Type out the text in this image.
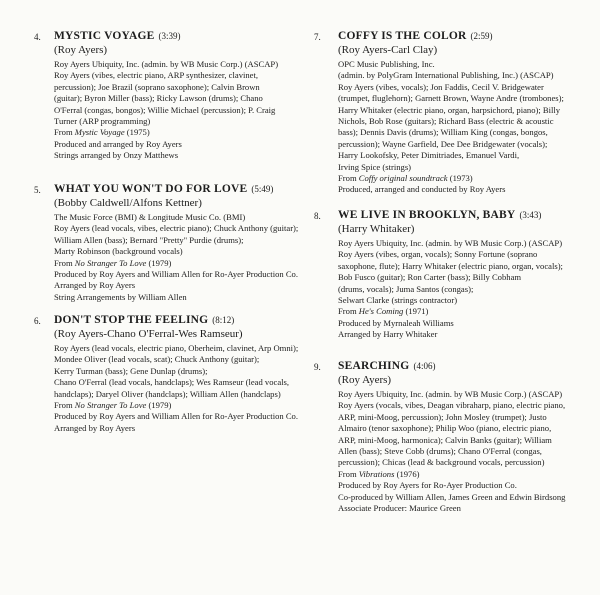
4. MYSTIC VOYAGE (3:39)
(Roy Ayers)
Roy Ayers Ubiquity, Inc. (admin. by WB Music Corp.) (ASCAP)
Roy Ayers (vibes, electric piano, ARP synthesizer, clavinet,
percussion); Joe Brazil (soprano saxophone); Calvin Brown
(guitar); Byron Miller (bass); Ricky Lawson (drums); Chano
O'Ferral (congas, bongos); Willie Michael (percussion); P. Craig
Turner (ARP programming)
From Mystic Voyage (1975)
Produced and arranged by Roy Ayers
Strings arranged by Onzy Matthews
5. WHAT YOU WON'T DO FOR LOVE (5:49)
(Bobby Caldwell/Alfons Kettner)
The Music Force (BMI) & Longitude Music Co. (BMI)
Roy Ayers (lead vocals, vibes, electric piano); Chuck Anthony (guitar);
William Allen (bass); Bernard "Pretty" Purdie (drums);
Marty Robinson (background vocals)
From No Stranger To Love (1979)
Produced by Roy Ayers and William Allen for Ro-Ayer Production Co.
Arranged by Roy Ayers
String Arrangements by William Allen
6. DON'T STOP THE FEELING (8:12)
(Roy Ayers-Chano O'Ferral-Wes Ramseur)
Roy Ayers (lead vocals, electric piano, Oberheim, clavinet, Arp Omni);
Mondee Oliver (lead vocals, scat); Chuck Anthony (guitar);
Kerry Turman (bass); Gene Dunlap (drums);
Chano O'Ferral (lead vocals, handclaps); Wes Ramseur (lead vocals,
handclaps); Daryel Oliver (handclaps); William Allen (handclaps)
From No Stranger To Love (1979)
Produced by Roy Ayers and William Allen for Ro-Ayer Production Co.
Arranged by Roy Ayers
7. COFFY IS THE COLOR (2:59)
(Roy Ayers-Carl Clay)
OPC Music Publishing, Inc.
(admin. by PolyGram International Publishing, Inc.) (ASCAP)
Roy Ayers (vibes, vocals); Jon Faddis, Cecil V. Bridgewater
(trumpet, fluglehorn); Garnett Brown, Wayne Andre (trombones);
Harry Whitaker (electric piano, organ, harpsichord, piano); Billy
Nichols, Bob Rose (guitars); Richard Bass (electric & acoustic
bass); Dennis Davis (drums); William King (congas, bongos,
percussion); Wayne Garfield, Dee Dee Bridgewater (vocals);
Harry Lookofsky, Peter Dimitriades, Emanuel Vardi,
Irving Spice (strings)
From Coffy original soundtrack (1973)
Produced, arranged and conducted by Roy Ayers
8. WE LIVE IN BROOKLYN, BABY (3:43)
(Harry Whitaker)
Roy Ayers Ubiquity, Inc. (admin. by WB Music Corp.) (ASCAP)
Roy Ayers (vibes, organ, vocals); Sonny Fortune (soprano
saxophone, flute); Harry Whitaker (electric piano, organ, vocals);
Bob Fusco (guitar); Ron Carter (bass); Billy Cobham
(drums, vocals); Juma Santos (congas);
Selwart Clarke (strings contractor)
From He's Coming (1971)
Produced by Myrnaleah Williams
Arranged by Harry Whitaker
9. SEARCHING (4:06)
(Roy Ayers)
Roy Ayers Ubiquity, Inc. (admin. by WB Music Corp.) (ASCAP)
Roy Ayers (vocals, vibes, Deagan vibraharp, piano, electric piano,
ARP, mini-Moog, percussion); John Mosley (trumpet); Justo
Almairo (tenor saxophone); Philip Woo (piano, electric piano,
ARP, mini-Moog, harmonica); Calvin Banks (guitar); William
Allen (bass); Steve Cobb (drums); Chano O'Ferral (congas,
percussion); Chicas (lead & background vocals, percussion)
From Vibrations (1976)
Produced by Roy Ayers for Ro-Ayer Production Co.
Co-produced by William Allen, James Green and Edwin Birdsong
Associate Producer: Maurice Green
